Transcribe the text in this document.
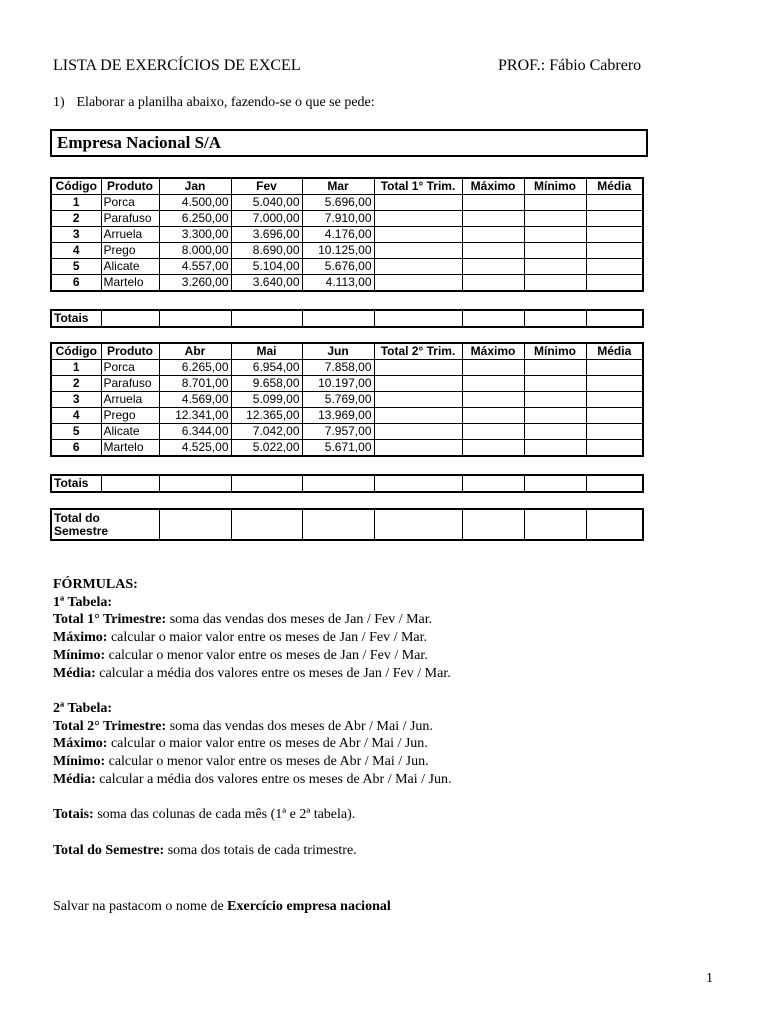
LISTA DE EXERCÍCIOS DE EXCEL	PROF.: Fábio Cabrero
1) Elaborar a planilha abaixo, fazendo-se o que se pede:
Empresa Nacional S/A
Código	Produto	Jan	Fev	Mar	Total 1° Trim.	Máximo	Mínimo	Média
1	Porca	4.500,00	5.040,00	5.696,00				
2	Parafuso	6.250,00	7.000,00	7.910,00				
3	Arruela	3.300,00	3.696,00	4.176,00				
4	Prego	8.000,00	8.690,00	10.125,00				
5	Alicate	4.557,00	5.104,00	5.676,00				
6	Martelo	3.260,00	3.640,00	4.113,00				
Totais								
Código	Produto	Abr	Mai	Jun	Total 2° Trim.	Máximo	Mínimo	Média
1	Porca	6.265,00	6.954,00	7.858,00				
2	Parafuso	8.701,00	9.658,00	10.197,00				
3	Arruela	4.569,00	5.099,00	5.769,00				
4	Prego	12.341,00	12.365,00	13.969,00				
5	Alicate	6.344,00	7.042,00	7.957,00				
6	Martelo	4.525,00	5.022,00	5.671,00				
Totais								
Total do
Semestre

FÓRMULAS:

1ª Tabela:

Total 1° Trimestre: soma das vendas dos meses de Jan / Fev / Mar.

Máximo: calcular o maior valor entre os meses de Jan / Fev / Mar.

Mínimo: calcular o menor valor entre os meses de Jan / Fev / Mar.

Média: calcular a média dos valores entre os meses de Jan / Fev / Mar.

2ª Tabela:

Total 2° Trimestre: soma das vendas dos meses de Abr / Mai / Jun.

Máximo: calcular o maior valor entre os meses de Abr / Mai / Jun.

Mínimo: calcular o menor valor entre os meses de Abr / Mai / Jun.

Média: calcular a média dos valores entre os meses de Abr / Mai / Jun.

Totais: soma das colunas de cada mês (1ª e 2ª tabela).

Total do Semestre: soma dos totais de cada trimestre.

Salvar na pastacom o nome de Exercício empresa nacional
1
